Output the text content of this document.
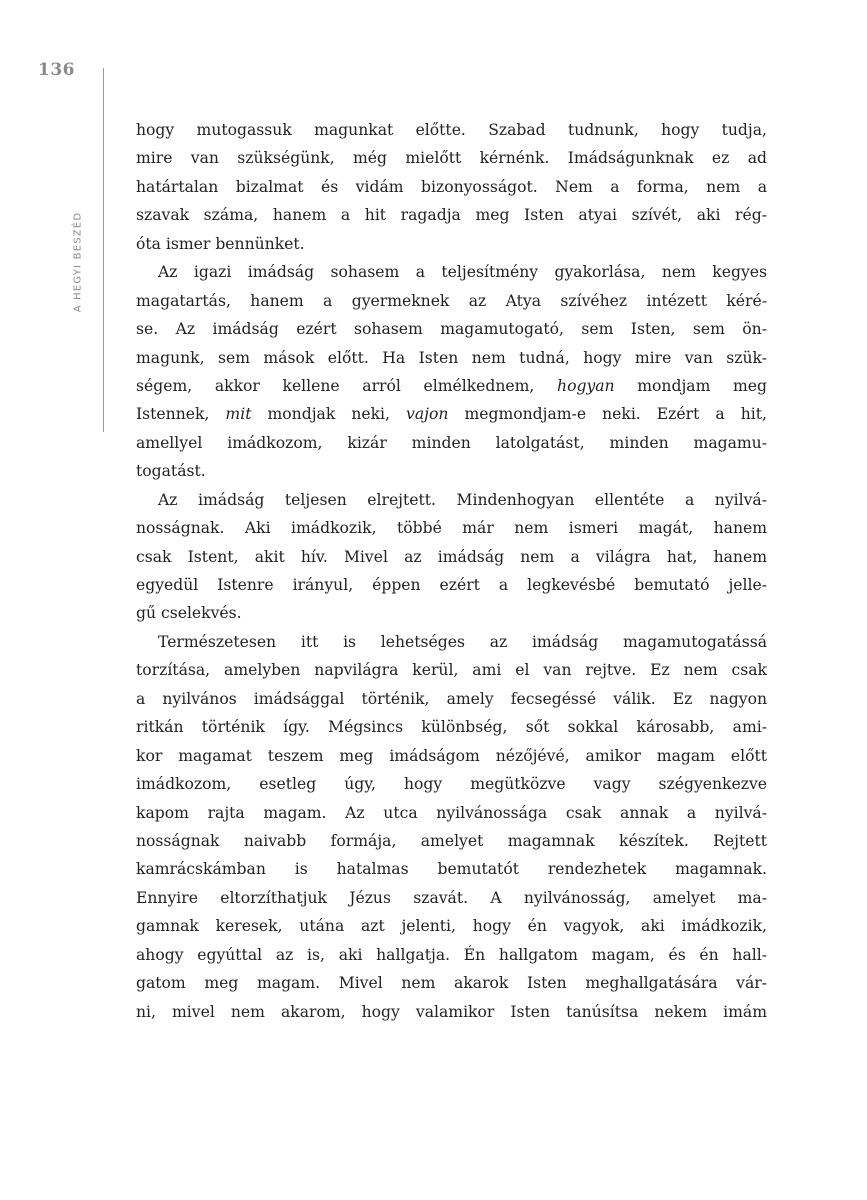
136
A HEGYI BESZÉD
hogy mutogassuk magunkat előtte. Szabad tudnunk, hogy tudja,
mire van szükségünk, még mielőtt kérnénk. Imádságunknak ez ad
határtalan bizalmat és vidám bizonyosságot. Nem a forma, nem a
szavak száma, hanem a hit ragadja meg Isten atyai szívét, aki rég-
óta ismer bennünket.
Az igazi imádság sohasem a teljesítmény gyakorlása, nem kegyes
magatartás, hanem a gyermeknek az Atya szívéhez intézett kéré-
se. Az imádság ezért sohasem magamutogató, sem Isten, sem ön-
magunk, sem mások előtt. Ha Isten nem tudná, hogy mire van szük-
ségem, akkor kellene arról elmélkednem, hogyan mondjam meg
Istennek, mit mondjak neki, vajon megmondjam-e neki. Ezért a hit,
amellyel imádkozom, kizár minden latolgatást, minden magamu-
togatást.
Az imádság teljesen elrejtett. Mindenhogyan ellentéte a nyilvá-
nosságnak. Aki imádkozik, többé már nem ismeri magát, hanem
csak Istent, akit hív. Mivel az imádság nem a világra hat, hanem
egyedül Istenre irányul, éppen ezért a legkevésbé bemutató jelle-
gű cselekvés.
Természetesen itt is lehetséges az imádság magamutogatássá
torzítása, amelyben napvilágra kerül, ami el van rejtve. Ez nem csak
a nyilvános imádsággal történik, amely fecsegéssé válik. Ez nagyon
ritkán történik így. Mégsincs különbség, sőt sokkal károsabb, ami-
kor magamat teszem meg imádságom nézőjévé, amikor magam előtt
imádkozom, esetleg úgy, hogy megütközve vagy szégyenkezve
kapom rajta magam. Az utca nyilvánossága csak annak a nyilvá-
nosságnak naivabb formája, amelyet magamnak készítek. Rejtett
kamrácskámban is hatalmas bemutatót rendezhetek magamnak.
Ennyire eltorzíthatjuk Jézus szavát. A nyilvánosság, amelyet ma-
gamnak keresek, utána azt jelenti, hogy én vagyok, aki imádkozik,
ahogy egyúttal az is, aki hallgatja. Én hallgatom magam, és én hall-
gatom meg magam. Mivel nem akarok Isten meghallgatására vár-
ni, mivel nem akarom, hogy valamikor Isten tanúsítsa nekem imám
